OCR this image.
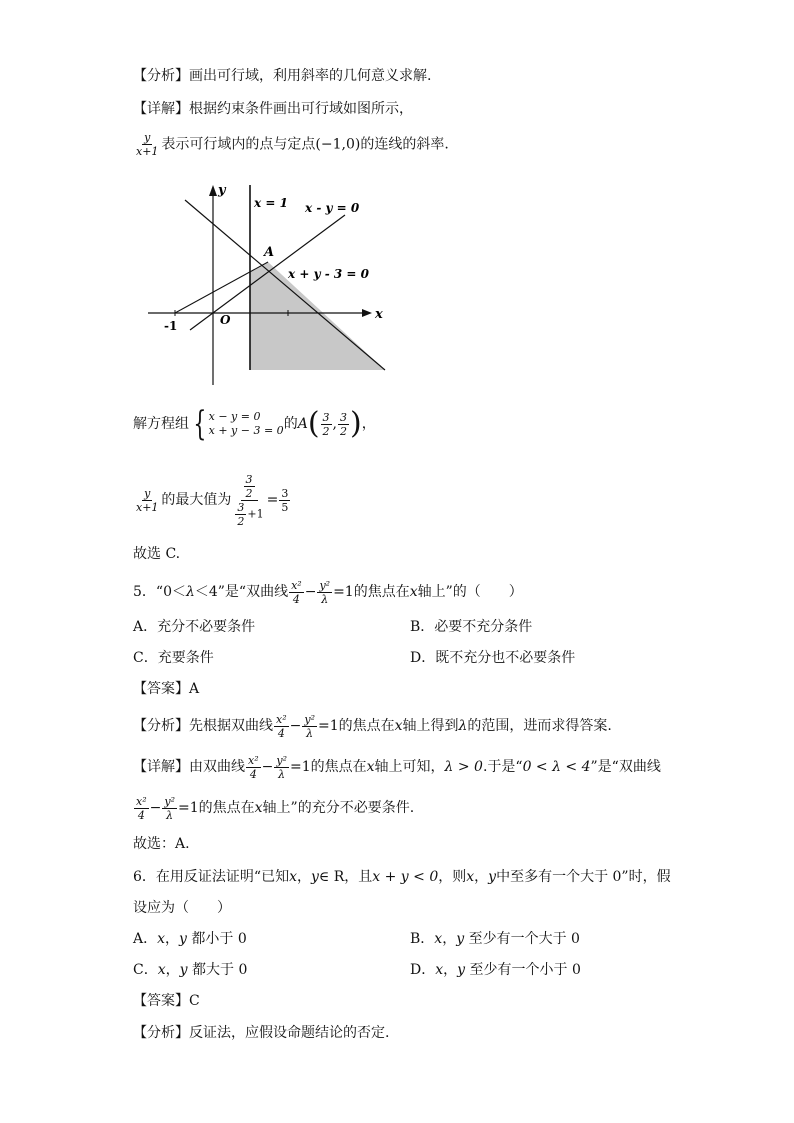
【分析】画出可行域，利用斜率的几何意义求解.
【详解】根据约束条件画出可行域如图所示，
$\frac{y}{x+1}$ 表示可行域内的点与定点(−1,0)的连线的斜率.
x
y
O
-1
x = 1 x - y = 0
x + y - 3 = 0
A
解方程组 { x − y = 0
x + y − 3 = 0 的$A( \frac{3}{2}$ , $\frac{3}{2}$ )，
$\frac{y}{x+1}$ 的最大值为 $\frac{\frac{3}{2}}{\frac{3}{2} +1} = \frac{3}{5}$
故选 C.
5．“0＜λ＜4”是“双曲线 $\frac{\text{x²}}{4} - \frac{\text{y²}}{\lambda} =1$的焦点在x轴上”的（　　）
A．充分不必要条件	B．必要不充分条件
C．充要条件	D．既不充分也不必要条件
【答案】A
【分析】先根据双曲线 $\frac{\text{x²}}{4} - \frac{\text{y²}}{\lambda} =1$的焦点在x轴上得到λ的范围，进而求得答案.
【详解】由双曲线 $\frac{\text{x²}}{4} - \frac{\text{y²}}{\lambda} =1$的焦点在x轴上可知，λ > 0.于是“0 < λ < 4”是“双曲线
$\frac{\text{x²}}{4} - \frac{\text{y²}}{\lambda} =1$的焦点在x轴上”的充分不必要条件.
故选：A.
6．在用反证法证明“已知x，y∈ R，且x + y < 0，则x，y中至多有一个大于 0”时，假
设应为（　　）
A．x，y 都小于 0	B．x，y 至少有一个大于 0
C．x，y 都大于 0	D．x，y 至少有一个小于 0
【答案】C
【分析】反证法，应假设命题结论的否定.
